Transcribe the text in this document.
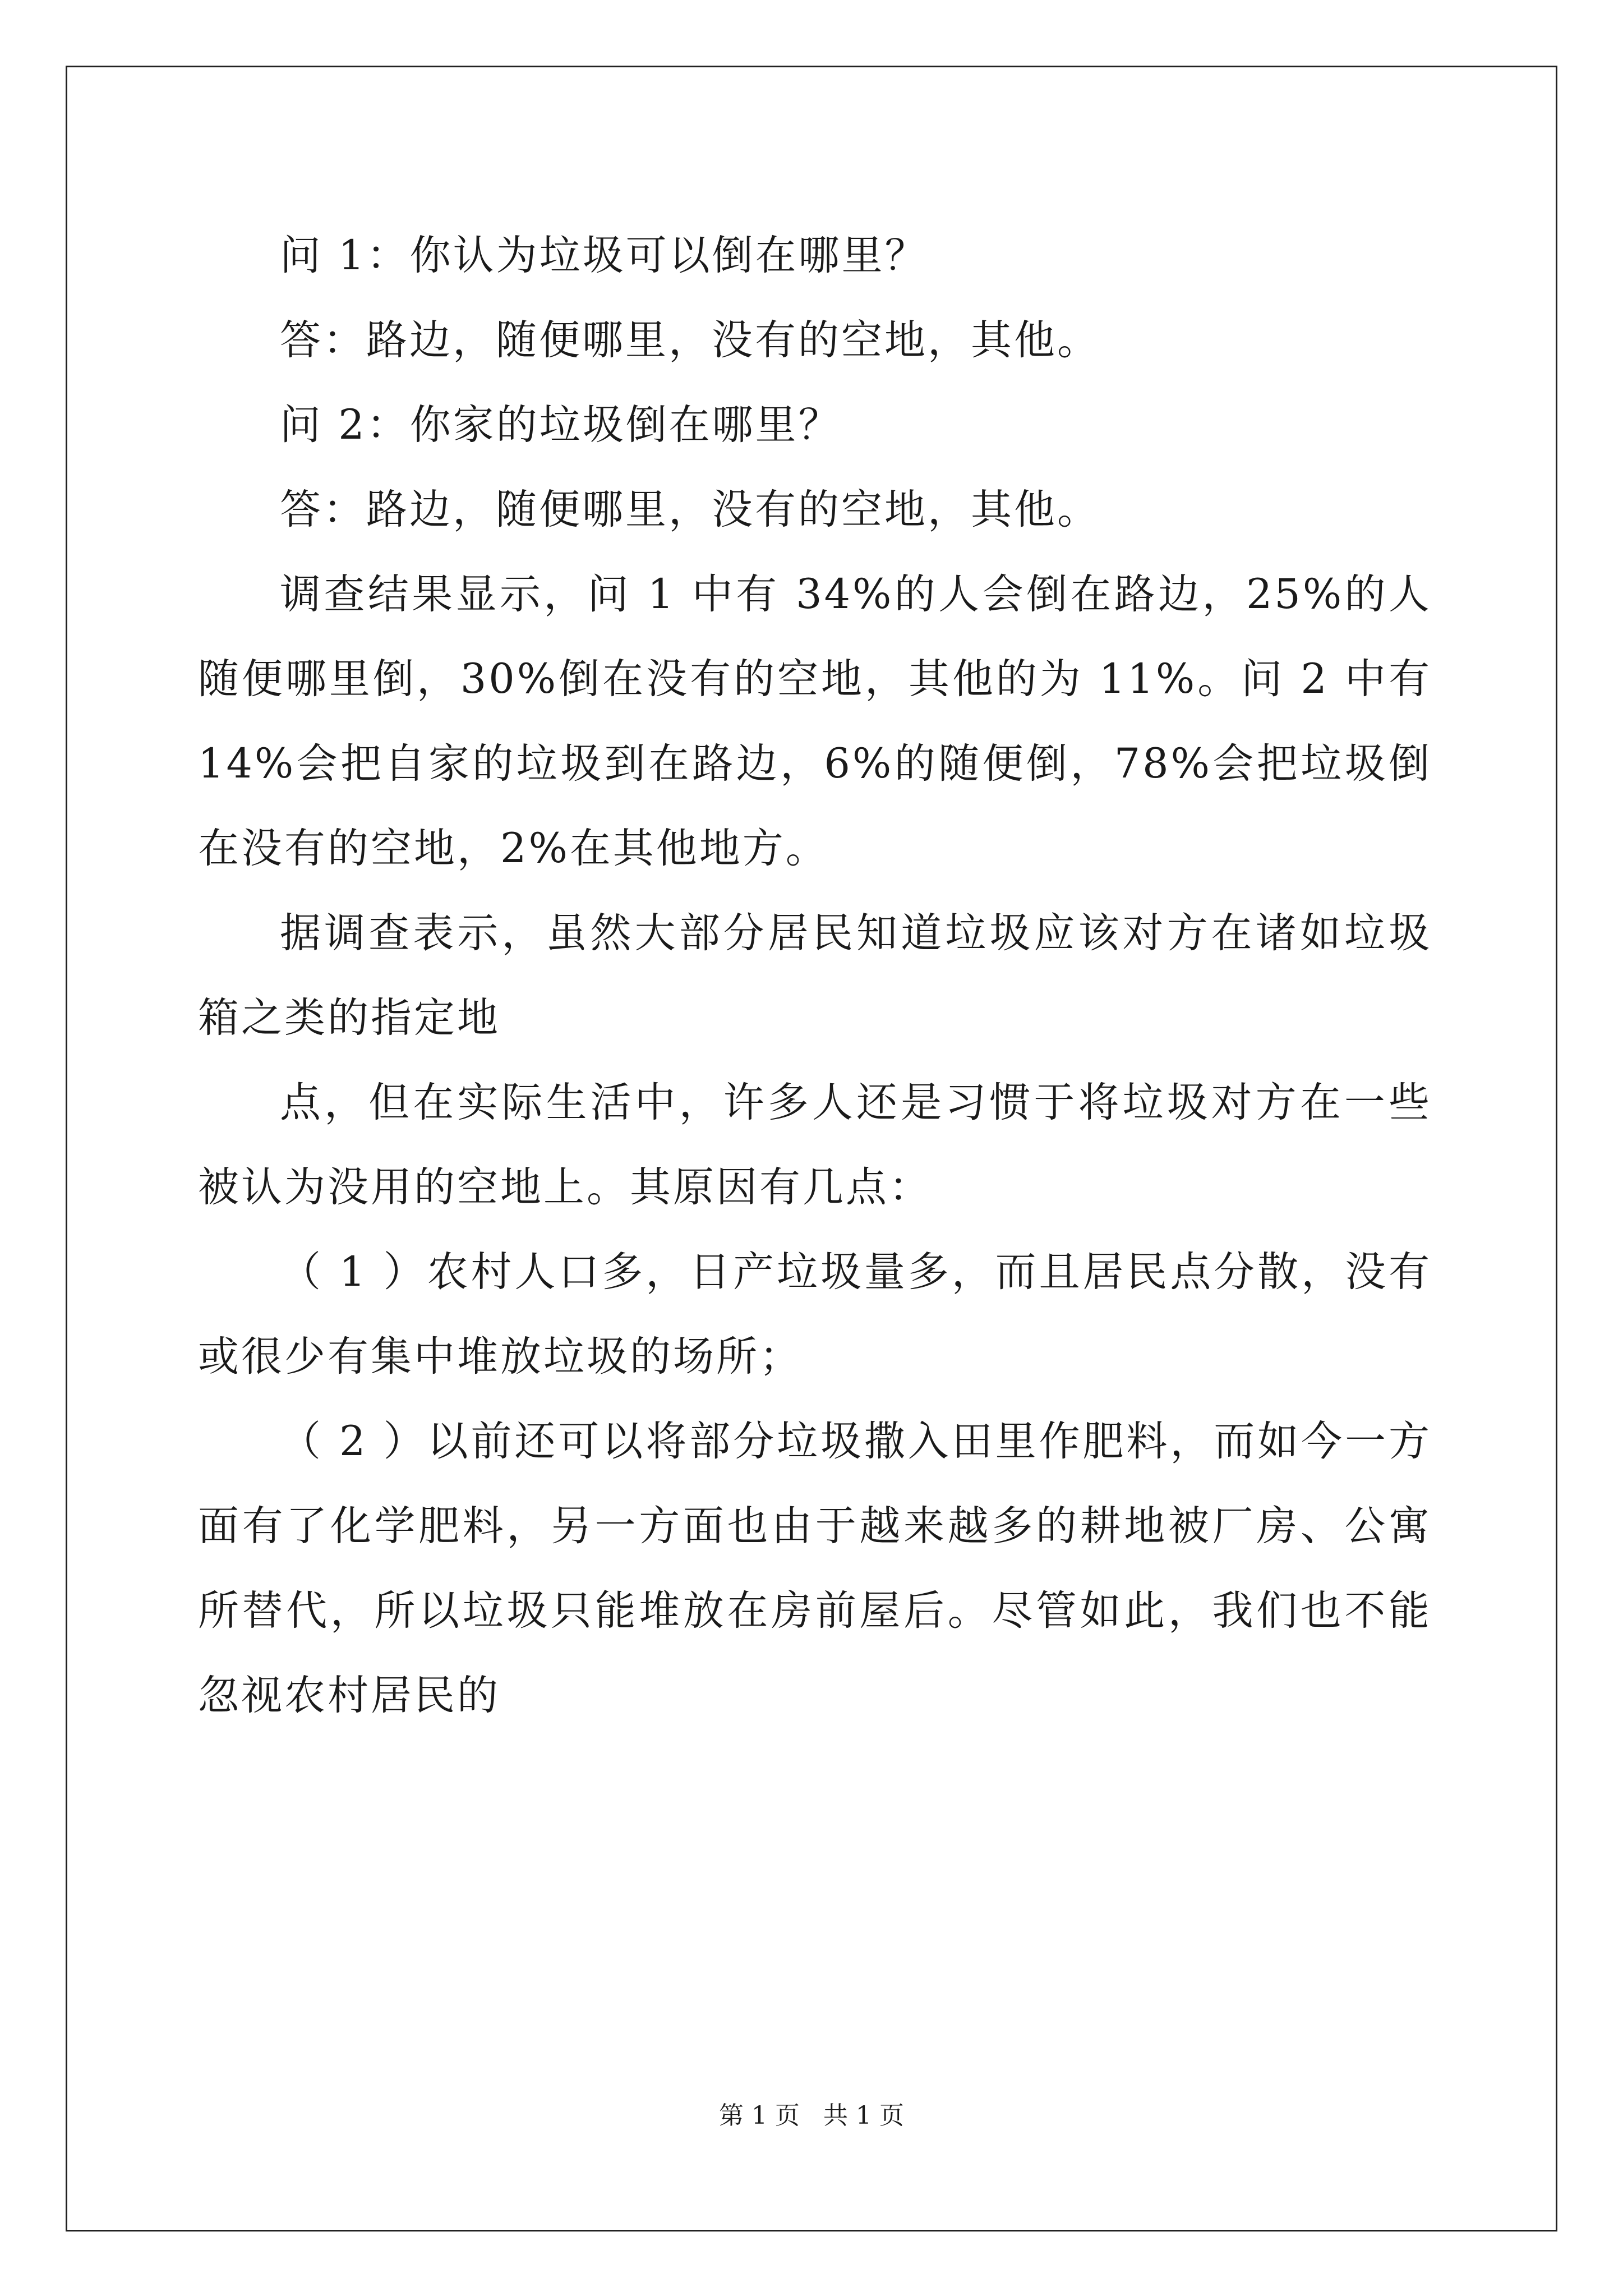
问 1：你认为垃圾可以倒在哪里？

答：路边，随便哪里，没有的空地，其他。

问 2：你家的垃圾倒在哪里？

答：路边，随便哪里，没有的空地，其他。

调查结果显示，问 1 中有 34%的人会倒在路边，25%的人随便哪里倒，30%倒在没有的空地，其他的为 11%。问 2 中有 14%会把自家的垃圾到在路边，6%的随便倒，78%会把垃圾倒在没有的空地，2%在其他地方。

据调查表示，虽然大部分居民知道垃圾应该对方在诸如垃圾箱之类的指定地

点，但在实际生活中，许多人还是习惯于将垃圾对方在一些被认为没用的空地上。其原因有几点：

（ 1 ）农村人口多，日产垃圾量多，而且居民点分散，没有或很少有集中堆放垃圾的场所；

（ 2 ）以前还可以将部分垃圾撒入田里作肥料，而如今一方面有了化学肥料，另一方面也由于越来越多的耕地被厂房、公寓所替代，所以垃圾只能堆放在房前屋后。尽管如此，我们也不能忽视农村居民的

第 1 页 共 1 页
